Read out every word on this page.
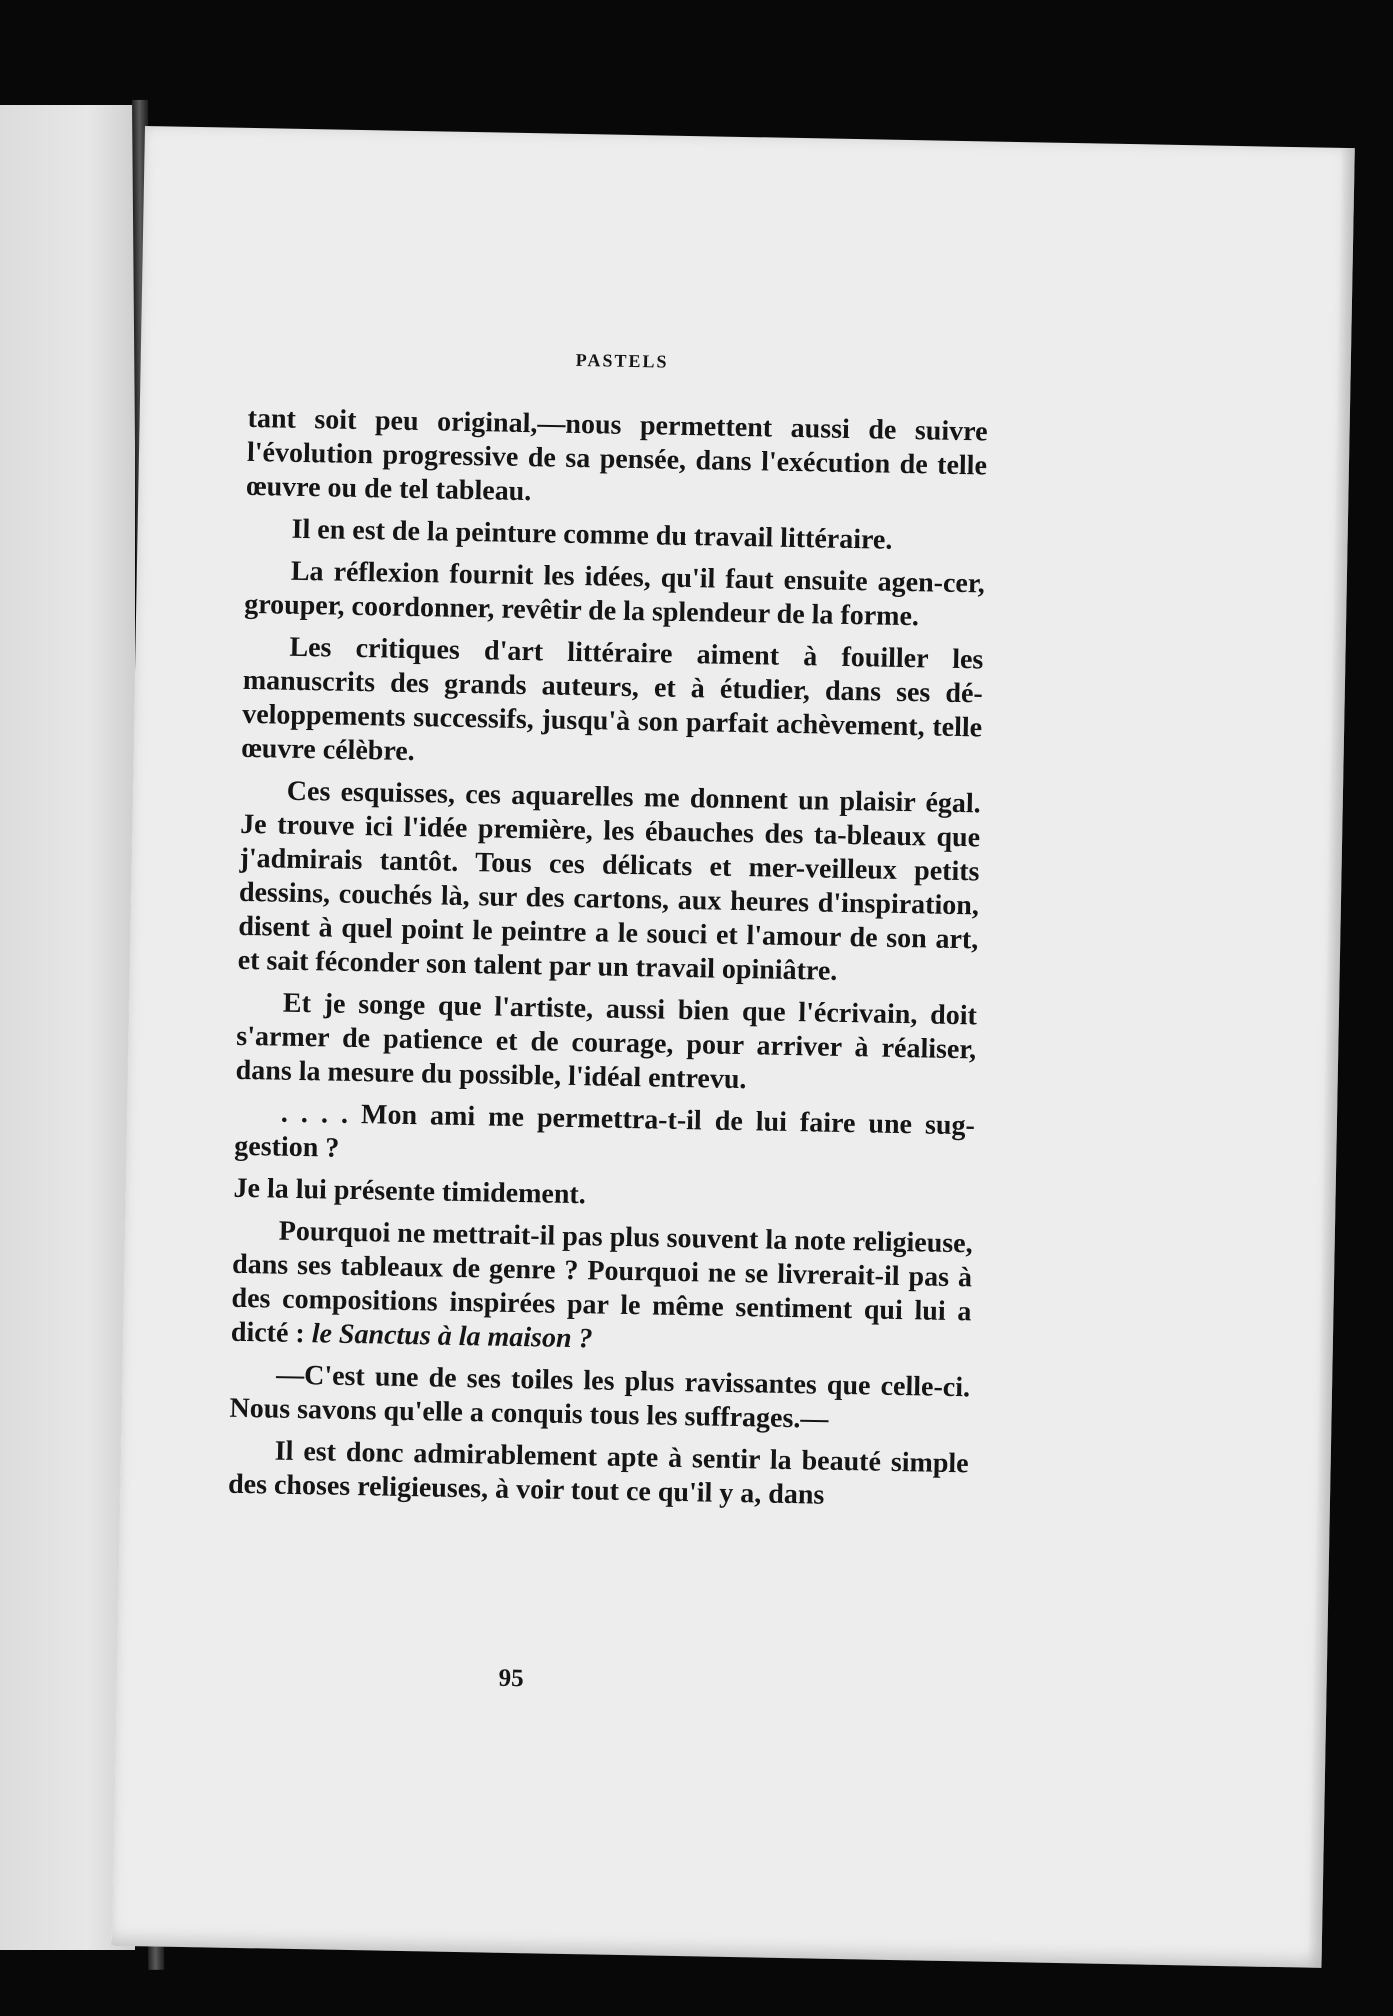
PASTELS

tant soit peu original,—nous permettent aussi de suivre l'évolution progressive de sa pensée, dans l'exécution de telle œuvre ou de tel tableau.

Il en est de la peinture comme du travail littéraire.

La réflexion fournit les idées, qu'il faut ensuite agen-cer, grouper, coordonner, revêtir de la splendeur de la forme.

Les critiques d'art littéraire aiment à fouiller les manuscrits des grands auteurs, et à étudier, dans ses dé-veloppements successifs, jusqu'à son parfait achèvement, telle œuvre célèbre.

Ces esquisses, ces aquarelles me donnent un plaisir égal. Je trouve ici l'idée première, les ébauches des ta-bleaux que j'admirais tantôt. Tous ces délicats et mer-veilleux petits dessins, couchés là, sur des cartons, aux heures d'inspiration, disent à quel point le peintre a le souci et l'amour de son art, et sait féconder son talent par un travail opiniâtre.

Et je songe que l'artiste, aussi bien que l'écrivain, doit s'armer de patience et de courage, pour arriver à réaliser, dans la mesure du possible, l'idéal entrevu.

. . . . Mon ami me permettra-t-il de lui faire une sug-gestion ?

Je la lui présente timidement.

Pourquoi ne mettrait-il pas plus souvent la note religieuse, dans ses tableaux de genre ? Pourquoi ne se livrerait-il pas à des compositions inspirées par le même sentiment qui lui a dicté : le Sanctus à la maison ?

—C'est une de ses toiles les plus ravissantes que celle-ci. Nous savons qu'elle a conquis tous les suffrages.—

Il est donc admirablement apte à sentir la beauté simple des choses religieuses, à voir tout ce qu'il y a, dans

95
